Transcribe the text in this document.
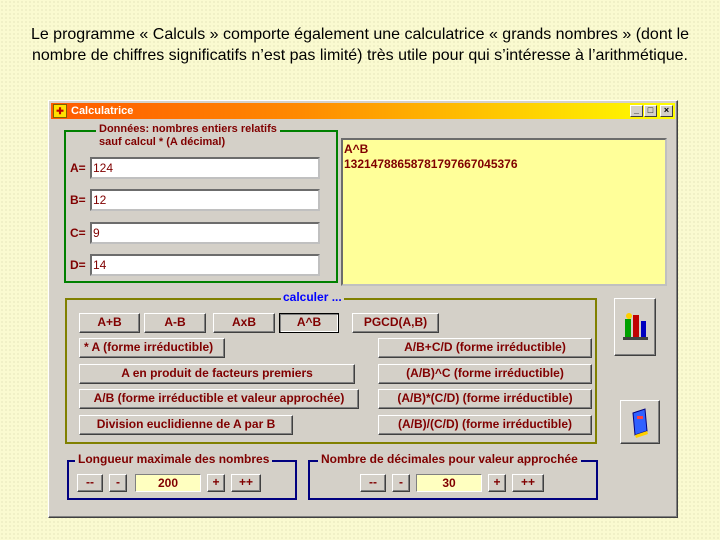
Le programme « Calculs » comporte également une calculatrice « grands nombres » (dont le nombre de chiffres significatifs n’est pas limité) très utile pour qui s’intéresse à l’arithmétique.
✚ Calculatrice	_ □	×
Données: nombres entiers relatifs
sauf calcul * (A décimal)
A=
124
B=
12
C=
9
D=
14
A^B
13214788658781797667045376
calculer ...
A+B	A-B	AxB	A^B	PGCD(A,B)
* A (forme irréductible)
A en produit de facteurs premiers
A/B (forme irréductible et valeur approchée)
Division euclidienne de A par B
A/B+C/D (forme irréductible)
(A/B)^C (forme irréductible)
(A/B)*(C/D) (forme irréductible)
(A/B)/(C/D) (forme irréductible)
Longueur maximale des nombres
--	-	200	+	++
Nombre de décimales pour valeur approchée
--	-	30	+	++
